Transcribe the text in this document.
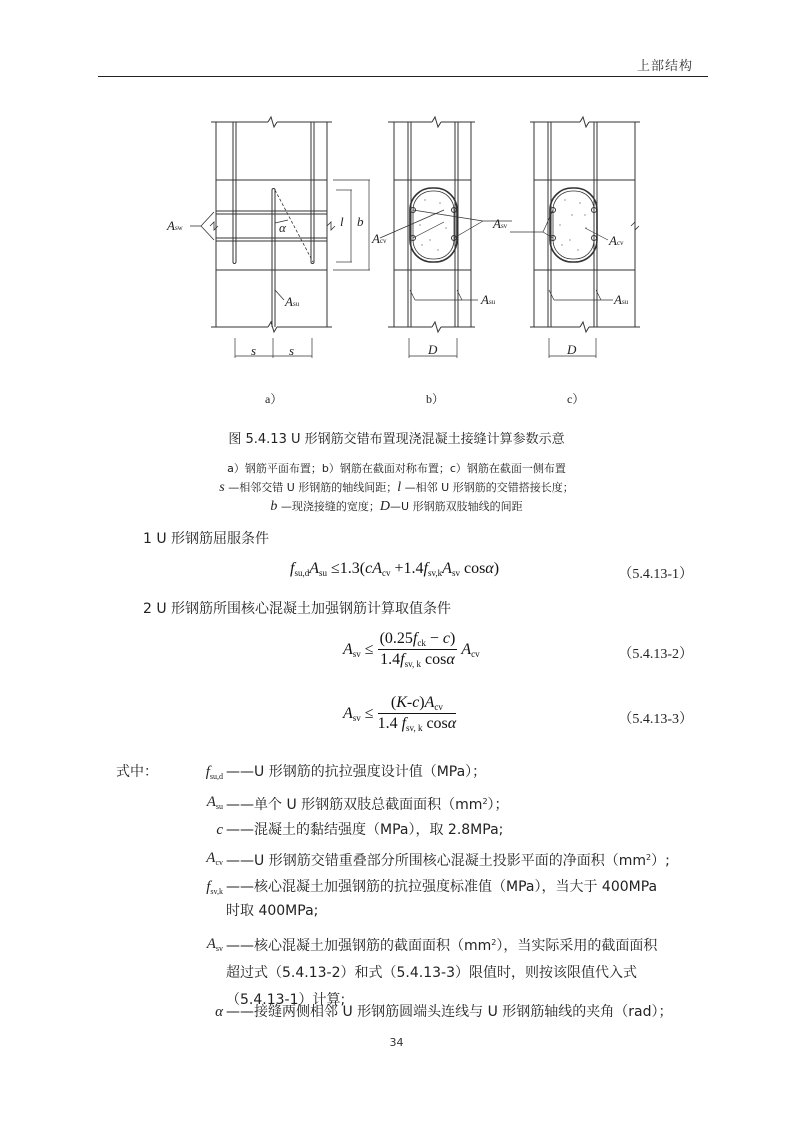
上部结构
Asw	α	l b
Asu
s	s
Acv
Asv
Asu
D
Acv
Asu
D
a）	b）	c）
图 5.4.13 U 形钢筋交错布置现浇混凝土接缝计算参数示意
a）钢筋平面布置；b）钢筋在截面对称布置；c）钢筋在截面一侧布置
s —相邻交错 U 形钢筋的轴线间距；l —相邻 U 形钢筋的交错搭接长度；
b —现浇接缝的宽度；D—U 形钢筋双肢轴线的间距
1 U 形钢筋屈服条件
$f_{su,d}A_{su} \le 1.3(cA_{cv} +1.4f_{sv,k}A_{sv}$ cosα)	（5.4.13-1）
2 U 形钢筋所围核心混凝土加强钢筋计算取值条件
$A_{sv} \le \frac{(0.25f_{ck} - c)}{1.4f_{sv, k} \cos\alpha} A_{cv}$	（5.4.13-2）
$A_{sv} \le \frac{(K-c)A_{cv}}{1.4 f_{sv, k} \cos\alpha}$	（5.4.13-3）
式中：	$f_{su,d}$ ——U 形钢筋的抗拉强度设计值（MPa）；
$A_{su}$ ——单个 U 形钢筋双肢总截面面积$(mm^2)$；
c ——混凝土的黏结强度（MPa），取 2.8MPa;
$A_{cv}$ ——U 形钢筋交错重叠部分所围核心混凝土投影平面的净面积$(mm^2)$;
$f_{sv,k}$ ——核心混凝土加强钢筋的抗拉强度标准值（MPa），当大于 400MPa
时取 400MPa;
$A_{sv}$ ——核心混凝土加强钢筋的截面面积$(mm^2)$，当实际采用的截面面积
超过式（5.4.13-2）和式（5.4.13-3）限值时，则按该限值代入式
（5.4.13-1）计算;
α ——接缝两侧相邻 U 形钢筋圆端头连线与 U 形钢筋轴线的夹角（rad）；
34
